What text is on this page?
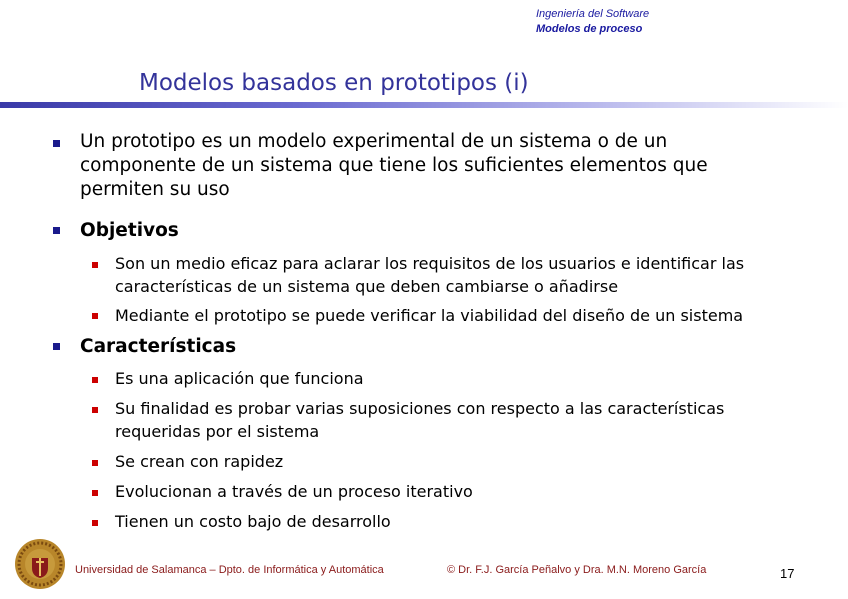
Ingeniería del Software
Modelos de proceso
Modelos basados en prototipos (i)
Un prototipo es un modelo experimental de un sistema o de un componente de un sistema que tiene los suficientes elementos que permiten su uso
Objetivos
Son un medio eficaz para aclarar los requisitos de los usuarios e identificar las características de un sistema que deben cambiarse o añadirse
Mediante el prototipo se puede verificar la viabilidad del diseño de un sistema
Características
Es una aplicación que funciona
Su finalidad es probar varias suposiciones con respecto a las características requeridas por el sistema
Se crean con rapidez
Evolucionan a través de un proceso iterativo
Tienen un costo bajo de desarrollo
Universidad de Salamanca – Dpto. de Informática y Automática	© Dr. F.J. García Peñalvo y Dra. M.N. Moreno García	17
